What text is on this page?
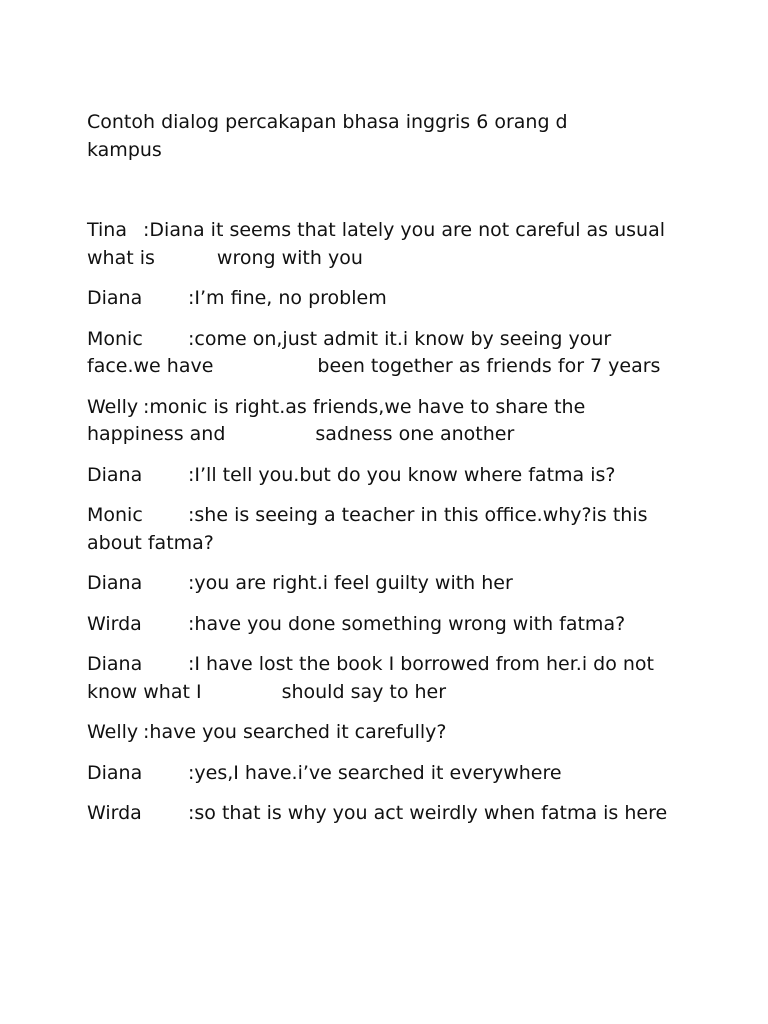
Contoh dialog percakapan bhasa inggris 6 orang d kampus
Tina :Diana it seems that lately you are not careful as usual what is	wrong with you
Diana :I’m fine, no problem
Monic :come on,just admit it.i know by seeing your face.we have	been together as friends for 7 years
Welly :monic is right.as friends,we have to share the happiness and	sadness one another
Diana :I’ll tell you.but do you know where fatma is?
Monic :she is seeing a teacher in this office.why?is this about fatma?
Diana :you are right.i feel guilty with her
Wirda :have you done something wrong with fatma?
Diana :I have lost the book I borrowed from her.i do not know what I	should say to her
Welly :have you searched it carefully?
Diana :yes,I have.i’ve searched it everywhere
Wirda :so that is why you act weirdly when fatma is here
